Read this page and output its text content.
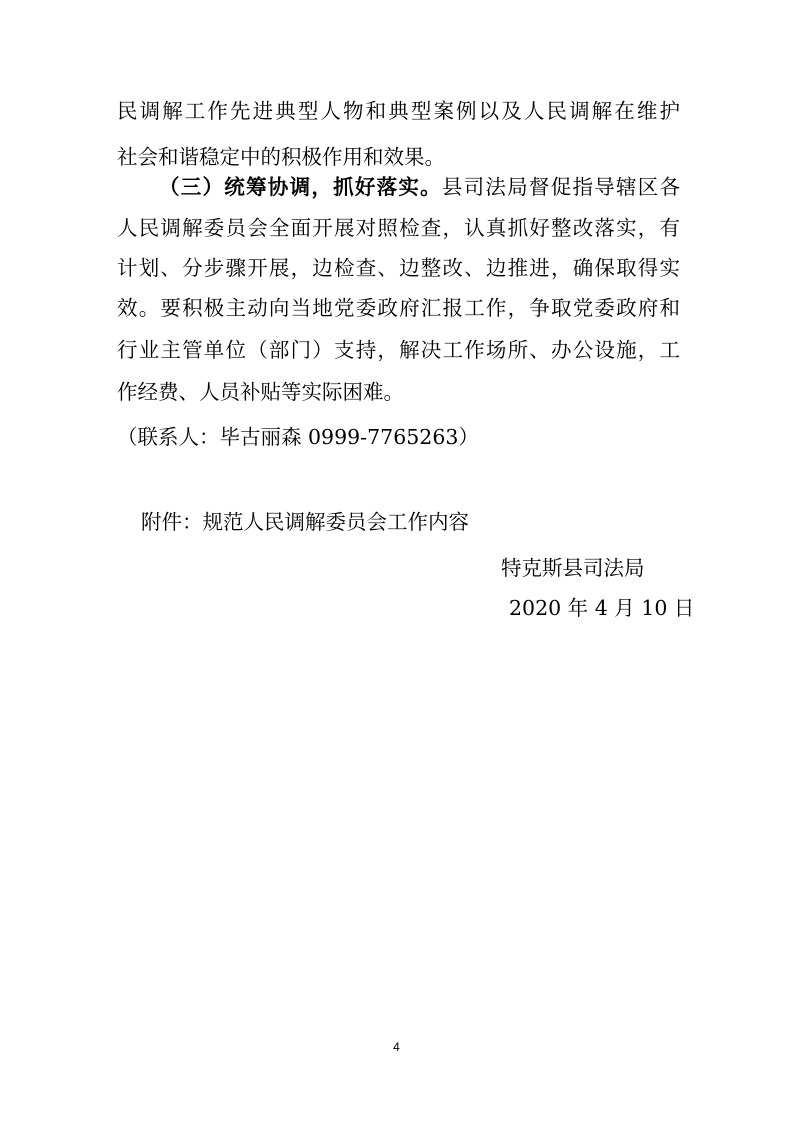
民调解工作先进典型人物和典型案例以及人民调解在维护
社会和谐稳定中的积极作用和效果。
（三）统筹协调，抓好落实。县司法局督促指导辖区各
人民调解委员会全面开展对照检查，认真抓好整改落实，有
计划、分步骤开展，边检查、边整改、边推进，确保取得实
效。要积极主动向当地党委政府汇报工作，争取党委政府和
行业主管单位（部门）支持，解决工作场所、办公设施，工
作经费、人员补贴等实际困难。
（联系人：毕古丽森 0999-7765263）
附件：规范人民调解委员会工作内容
特克斯县司法局
2020 年 4 月 10 日
4
